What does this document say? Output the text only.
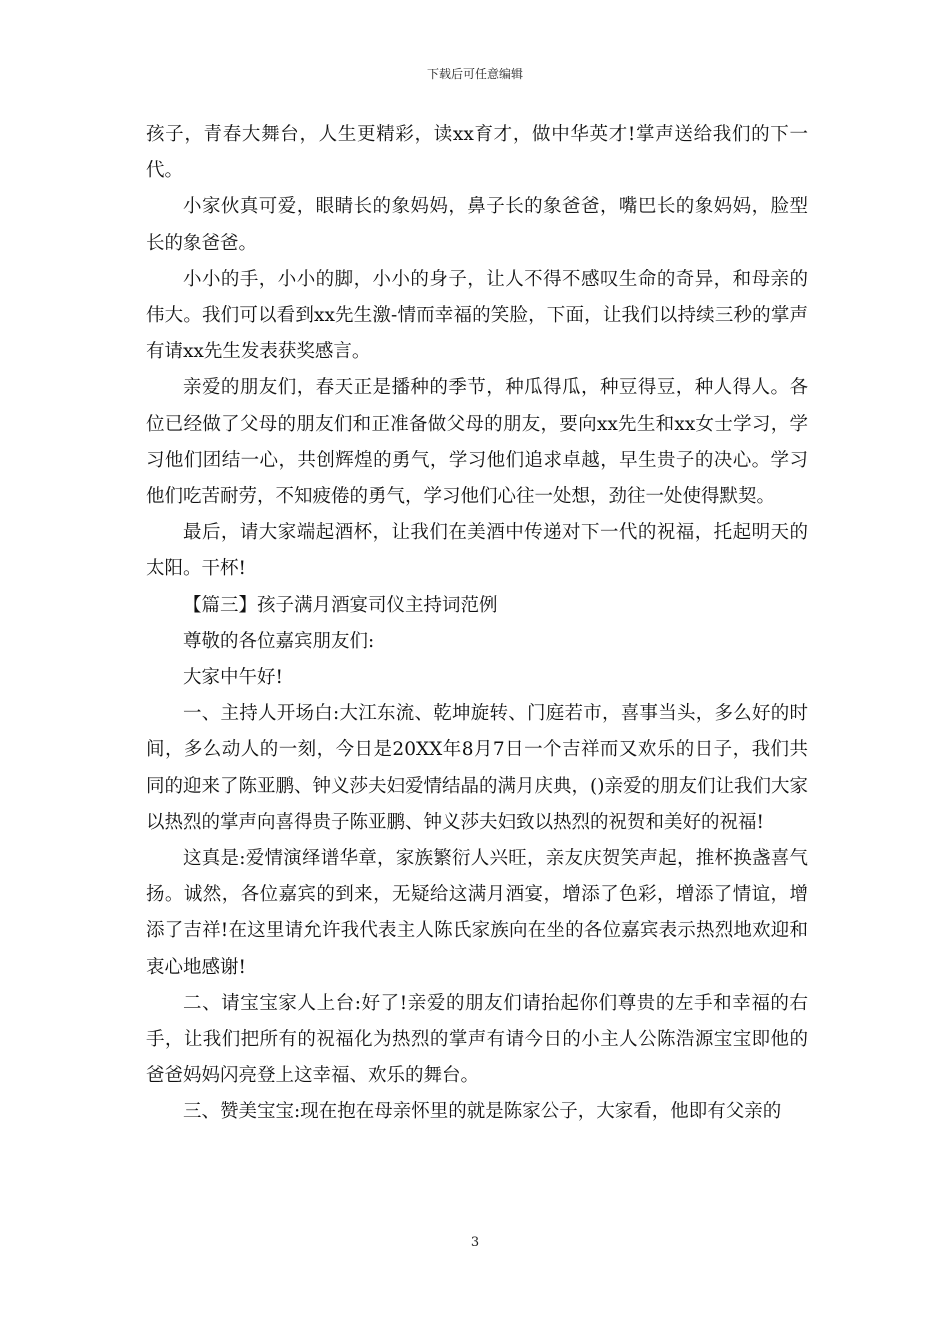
下载后可任意编辑

孩子，青春大舞台，人生更精彩，读xx育才，做中华英才!掌声送给我们的下一代。

小家伙真可爱，眼睛长的象妈妈，鼻子长的象爸爸，嘴巴长的象妈妈，脸型长的象爸爸。

小小的手，小小的脚，小小的身子，让人不得不感叹生命的奇异，和母亲的伟大。我们可以看到xx先生激-情而幸福的笑脸，下面，让我们以持续三秒的掌声有请xx先生发表获奖感言。

亲爱的朋友们，春天正是播种的季节，种瓜得瓜，种豆得豆，种人得人。各位已经做了父母的朋友们和正准备做父母的朋友，要向xx先生和xx女士学习，学习他们团结一心，共创辉煌的勇气，学习他们追求卓越，早生贵子的决心。学习他们吃苦耐劳，不知疲倦的勇气，学习他们心往一处想，劲往一处使得默契。

最后，请大家端起酒杯，让我们在美酒中传递对下一代的祝福，托起明天的太阳。干杯!

【篇三】孩子满月酒宴司仪主持词范例

尊敬的各位嘉宾朋友们:

大家中午好!

一、主持人开场白:大江东流、乾坤旋转、门庭若市，喜事当头，多么好的时间，多么动人的一刻，今日是20XX年8月7日一个吉祥而又欢乐的日子，我们共同的迎来了陈亚鹏、钟义莎夫妇爱情结晶的满月庆典，()亲爱的朋友们让我们大家以热烈的掌声向喜得贵子陈亚鹏、钟义莎夫妇致以热烈的祝贺和美好的祝福!

这真是:爱情演绎谱华章，家族繁衍人兴旺，亲友庆贺笑声起，推杯换盏喜气扬。诚然，各位嘉宾的到来，无疑给这满月酒宴，增添了色彩，增添了情谊，增添了吉祥!在这里请允许我代表主人陈氏家族向在坐的各位嘉宾表示热烈地欢迎和衷心地感谢!

二、请宝宝家人上台:好了!亲爱的朋友们请抬起你们尊贵的左手和幸福的右手，让我们把所有的祝福化为热烈的掌声有请今日的小主人公陈浩源宝宝即他的爸爸妈妈闪亮登上这幸福、欢乐的舞台。

三、赞美宝宝:现在抱在母亲怀里的就是陈家公子，大家看，他即有父亲的

3
